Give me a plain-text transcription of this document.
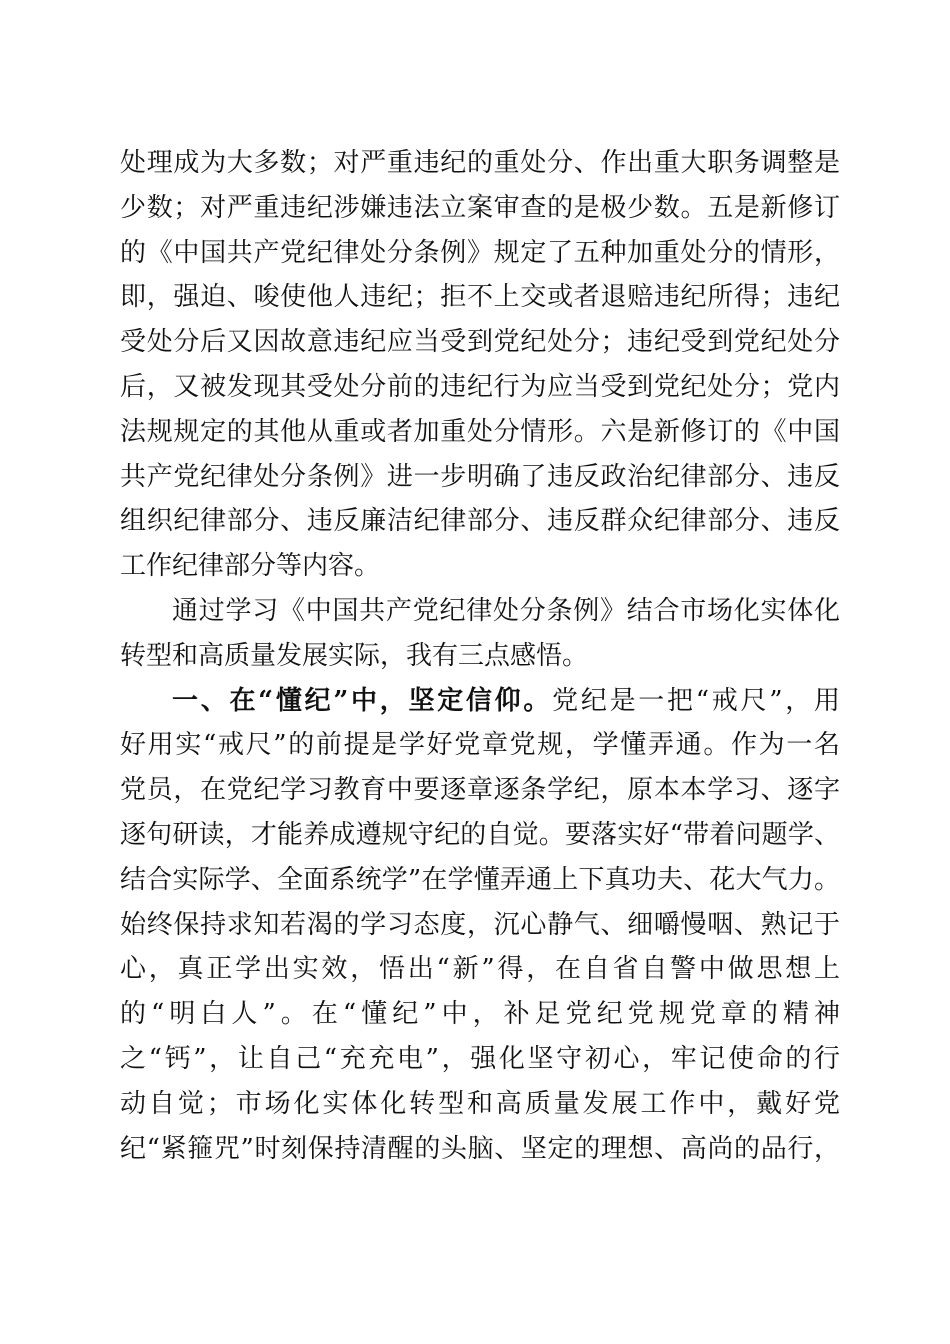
处理成为大多数；对严重违纪的重处分、作出重大职务调整是
少数；对严重违纪涉嫌违法立案审查的是极少数。五是新修订
的《中国共产党纪律处分条例》规定了五种加重处分的情形，
即，强迫、唆使他人违纪；拒不上交或者退赔违纪所得；违纪
受处分后又因故意违纪应当受到党纪处分；违纪受到党纪处分
后，又被发现其受处分前的违纪行为应当受到党纪处分；党内
法规规定的其他从重或者加重处分情形。六是新修订的《中国
共产党纪律处分条例》进一步明确了违反政治纪律部分、违反
组织纪律部分、违反廉洁纪律部分、违反群众纪律部分、违反
工作纪律部分等内容。
通过学习《中国共产党纪律处分条例》结合市场化实体化
转型和高质量发展实际，我有三点感悟。
一、在“懂纪”中，坚定信仰。党纪是一把“戒尺”，用
好用实“戒尺”的前提是学好党章党规，学懂弄通。作为一名
党员，在党纪学习教育中要逐章逐条学纪，原本本学习、逐字
逐句研读，才能养成遵规守纪的自觉。要落实好“带着问题学、
结合实际学、全面系统学”在学懂弄通上下真功夫、花大气力。
始终保持求知若渴的学习态度，沉心静气、细嚼慢咽、熟记于
心，真正学出实效，悟出“新”得，在自省自警中做思想上
的“明白人”。在“懂纪”中，补足党纪党规党章的精神
之“钙”，让自己“充充电”，强化坚守初心，牢记使命的行
动自觉；市场化实体化转型和高质量发展工作中，戴好党
纪“紧箍咒”时刻保持清醒的头脑、坚定的理想、高尚的品行，
